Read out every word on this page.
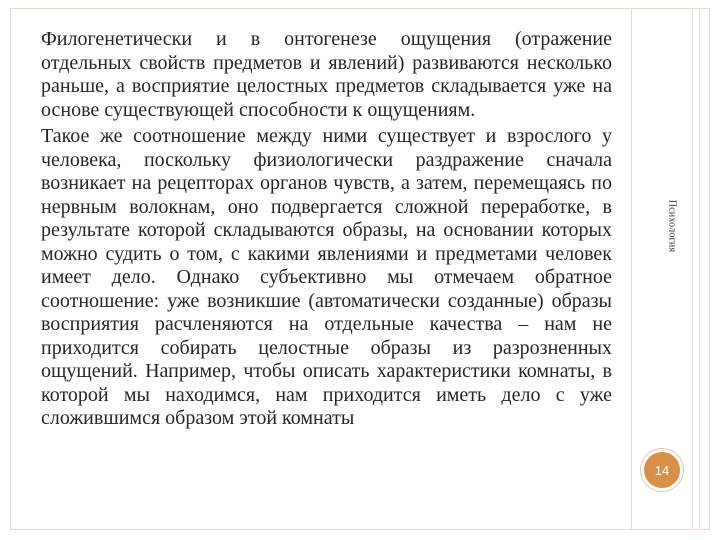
Филогенетически и в онтогенезе ощущения (отражение отдельных свойств предметов и явлений) развиваются несколько раньше, а восприятие целостных предметов складывается уже на основе существующей способности к ощущениям.

Такое же соотношение между ними существует и взрослого у человека, поскольку физиологически раздражение сначала возникает на рецепторах органов чувств, а затем, перемещаясь по нервным волокнам, оно подвергается сложной переработке, в результате которой складываются образы, на основании которых можно судить о том, с какими явлениями и предметами человек имеет дело. Однако субъективно мы отмечаем обратное соотношение: уже возникшие (автоматически созданные) образы восприятия расчленяются на отдельные качества – нам не приходится собирать целостные образы из разрозненных ощущений. Например, чтобы описать характеристики комнаты, в которой мы находимся, нам приходится иметь дело с уже сложившимся образом этой комнаты

Психология
14
